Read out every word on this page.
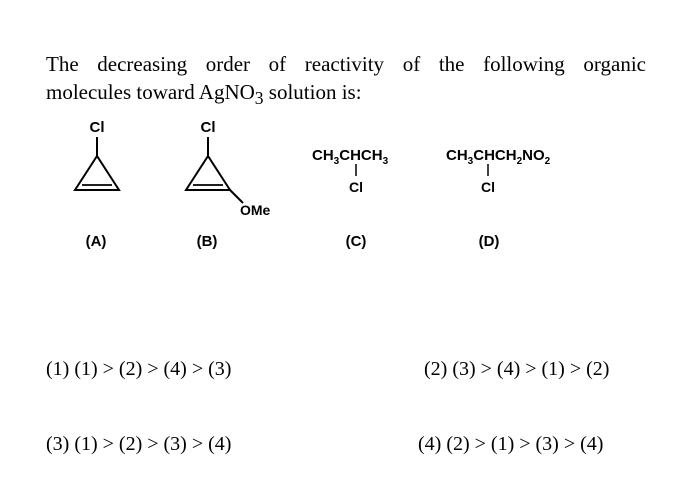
The decreasing order of reactivity of the following organic
molecules toward AgNO$_3$ solution is:
Cl	Cl
OMe
$CH_3CHCH_3$
Cl
$CH_3CHCH_2NO_2$
Cl
(A)	(B)	(C)	(D)
(1) (1) > (2) > (4) > (3)	(2) (3) > (4) > (1) > (2)
(3) (1) > (2) > (3) > (4)	(4) (2) > (1) > (3) > (4)
